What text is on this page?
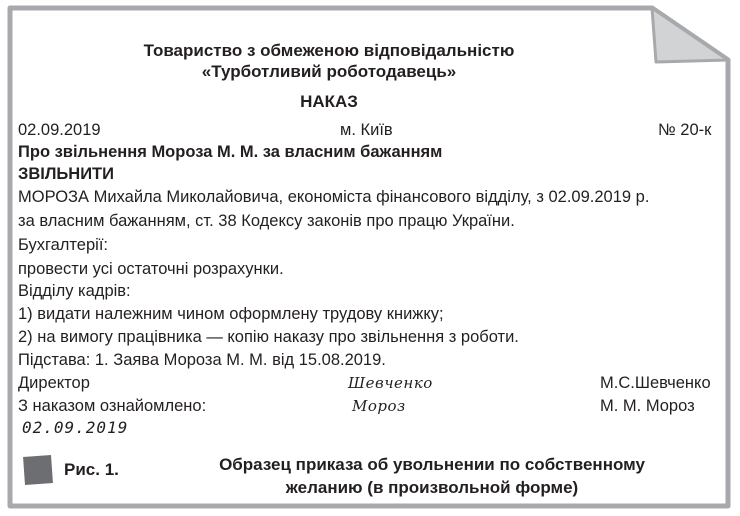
Товариство з обмеженою відповідальністю
«Турботливий роботодавець»
НАКАЗ
02.09.2019	м. Київ	№ 20-к
Про звільнення Мороза М. М. за власним бажанням
ЗВІЛЬНИТИ
МОРОЗА Михайла Миколайовича, економіста фінансового відділу, з 02.09.2019 р.
за власним бажанням, ст. 38 Кодексу законів про працю України.
Бухгалтерії:
провести усі остаточні розрахунки.
Відділу кадрів:
1) видати належним чином оформлену трудову книжку;
2) на вимогу працівника — копію наказу про звільнення з роботи.
Підстава: 1. Заява Мороза М. М. від 15.08.2019.
Директор	Шевченко	М.С.Шевченко
З наказом ознайомлено:	Мороз	М. М. Мороз
02.09.2019
Рис. 1.	Образец приказа об увольнении по собственному
желанию (в произвольной форме)
